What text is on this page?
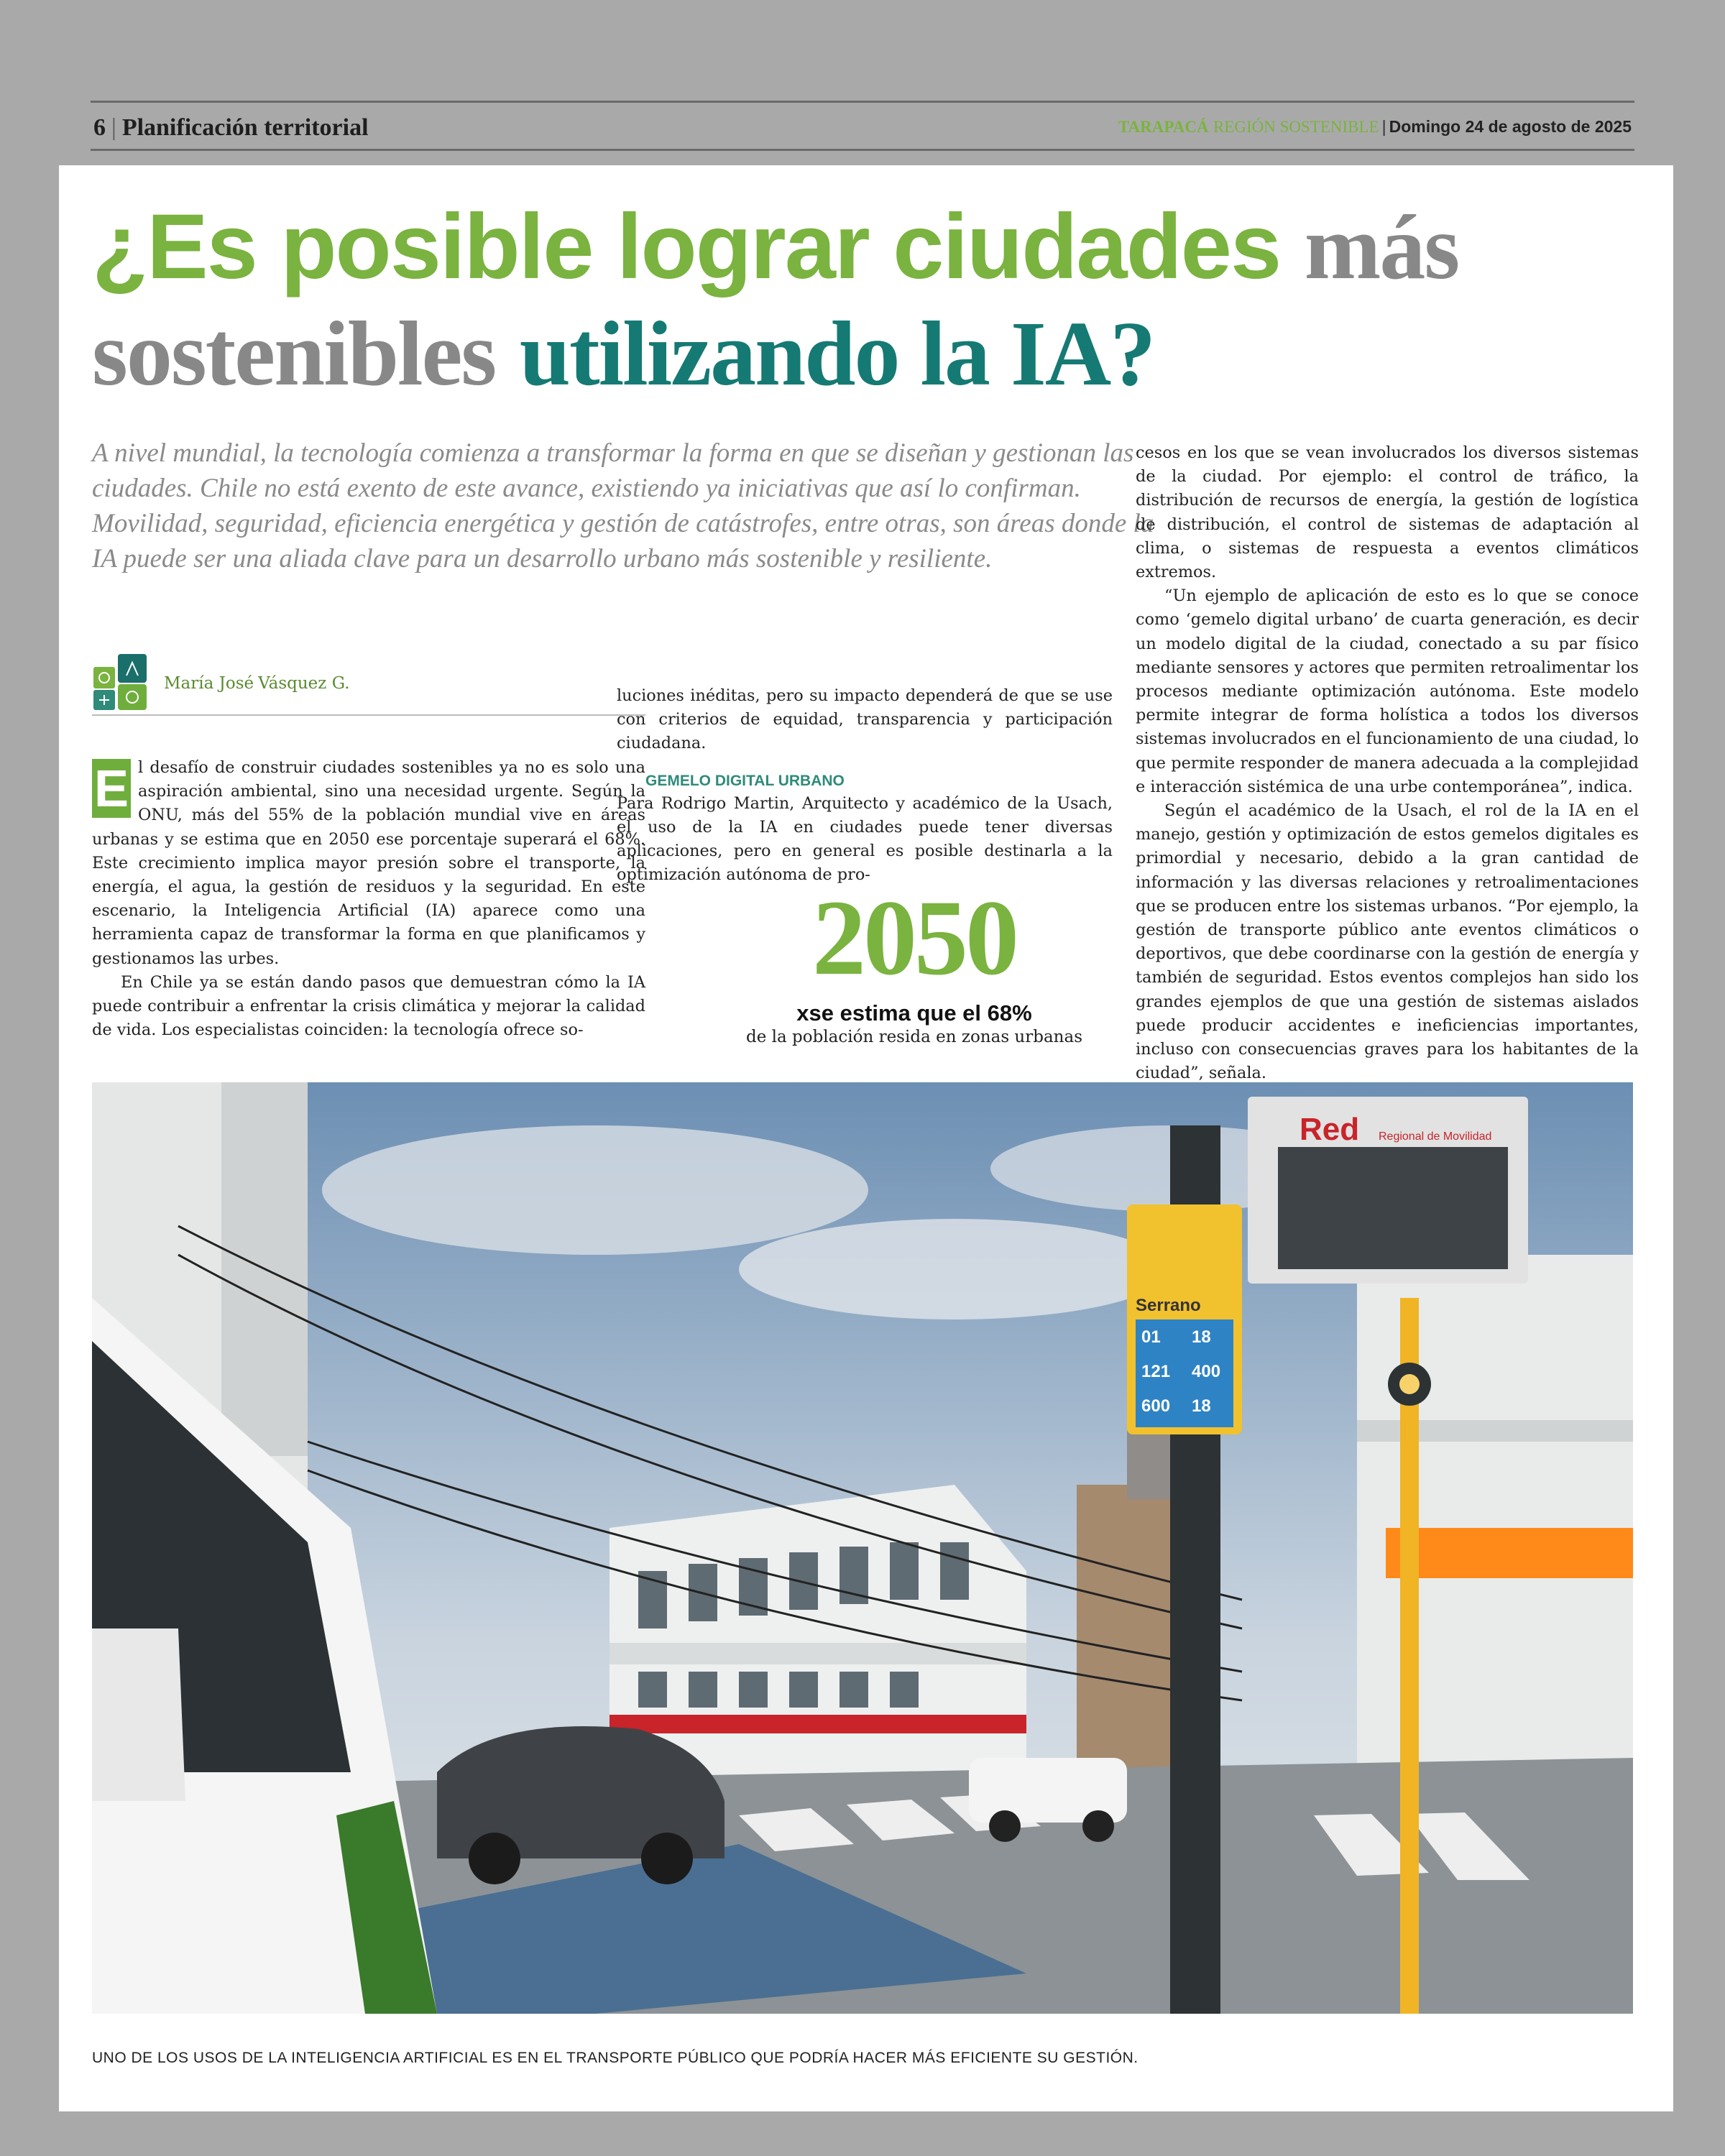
6 | Planificación territorial	TARAPACÁ REGIÓN SOSTENIBLE | Domingo 24 de agosto de 2025
¿Es posible lograr ciudades más
sostenibles utilizando la IA?

A nivel mundial, la tecnología comienza a transformar la forma en que se diseñan y gestionan las ciudades. Chile no está exento de este avance, existiendo ya iniciativas que así lo confirman. Movilidad, seguridad, eficiencia energética y gestión de catástrofes, entre otras, son áreas donde la IA puede ser una aliada clave para un desarrollo urbano más sostenible y resiliente.

María José Vásquez G.

E l desafío de construir ciudades sostenibles ya no es solo una aspiración ambiental, sino una necesidad urgente. Según la ONU, más del 55% de la población mundial vive en áreas urbanas y se estima que en 2050 ese porcentaje superará el 68%. Este crecimiento implica mayor presión sobre el transporte, la energía, el agua, la gestión de residuos y la seguridad. En este escenario, la Inteligencia Artificial (IA) aparece como una herramienta capaz de transformar la forma en que planificamos y gestionamos las urbes.

En Chile ya se están dando pasos que demuestran cómo la IA puede contribuir a enfrentar la crisis climática y mejorar la calidad de vida. Los especialistas coinciden: la tecnología ofrece so-

luciones inéditas, pero su impacto dependerá de que se use con criterios de equidad, transparencia y participación ciudadana.

GEMELO DIGITAL URBANO

Para Rodrigo Martin, Arquitecto y académico de la Usach, el uso de la IA en ciudades puede tener diversas aplicaciones, pero en general es posible destinarla a la optimización autónoma de pro-

2050
xse estima que el 68%
de la población resida en zonas urbanas

cesos en los que se vean involucrados los diversos sistemas de la ciudad. Por ejemplo: el control de tráfico, la distribución de recursos de energía, la gestión de logística de distribución, el control de sistemas de adaptación al clima, o sistemas de respuesta a eventos climáticos extremos.

“Un ejemplo de aplicación de esto es lo que se conoce como ‘gemelo digital urbano’ de cuarta generación, es decir un modelo digital de la ciudad, conectado a su par físico mediante sensores y actores que permiten retroalimentar los procesos mediante optimización autónoma. Este modelo permite integrar de forma holística a todos los diversos sistemas involucrados en el funcionamiento de una ciudad, lo que permite responder de manera adecuada a la complejidad e interacción sistémica de una urbe contemporánea”, indica.

Según el académico de la Usach, el rol de la IA en el manejo, gestión y optimización de estos gemelos digitales es primordial y necesario, debido a la gran cantidad de información y las diversas relaciones y retroalimentaciones que se producen entre los sistemas urbanos. “Por ejemplo, la gestión de transporte público ante eventos climáticos o deportivos, que debe coordinarse con la gestión de energía y también de seguridad. Estos eventos complejos han sido los grandes ejemplos de que una gestión de sistemas aislados puede producir accidentes e ineficiencias importantes, incluso con consecuencias graves para los habitantes de la ciudad”, señala.

Red Regional de Movilidad
Serrano
01 18
121 400
600 18
UNO DE LOS USOS DE LA INTELIGENCIA ARTIFICIAL ES EN EL TRANSPORTE PÚBLICO QUE PODRÍA HACER MÁS EFICIENTE SU GESTIÓN.
